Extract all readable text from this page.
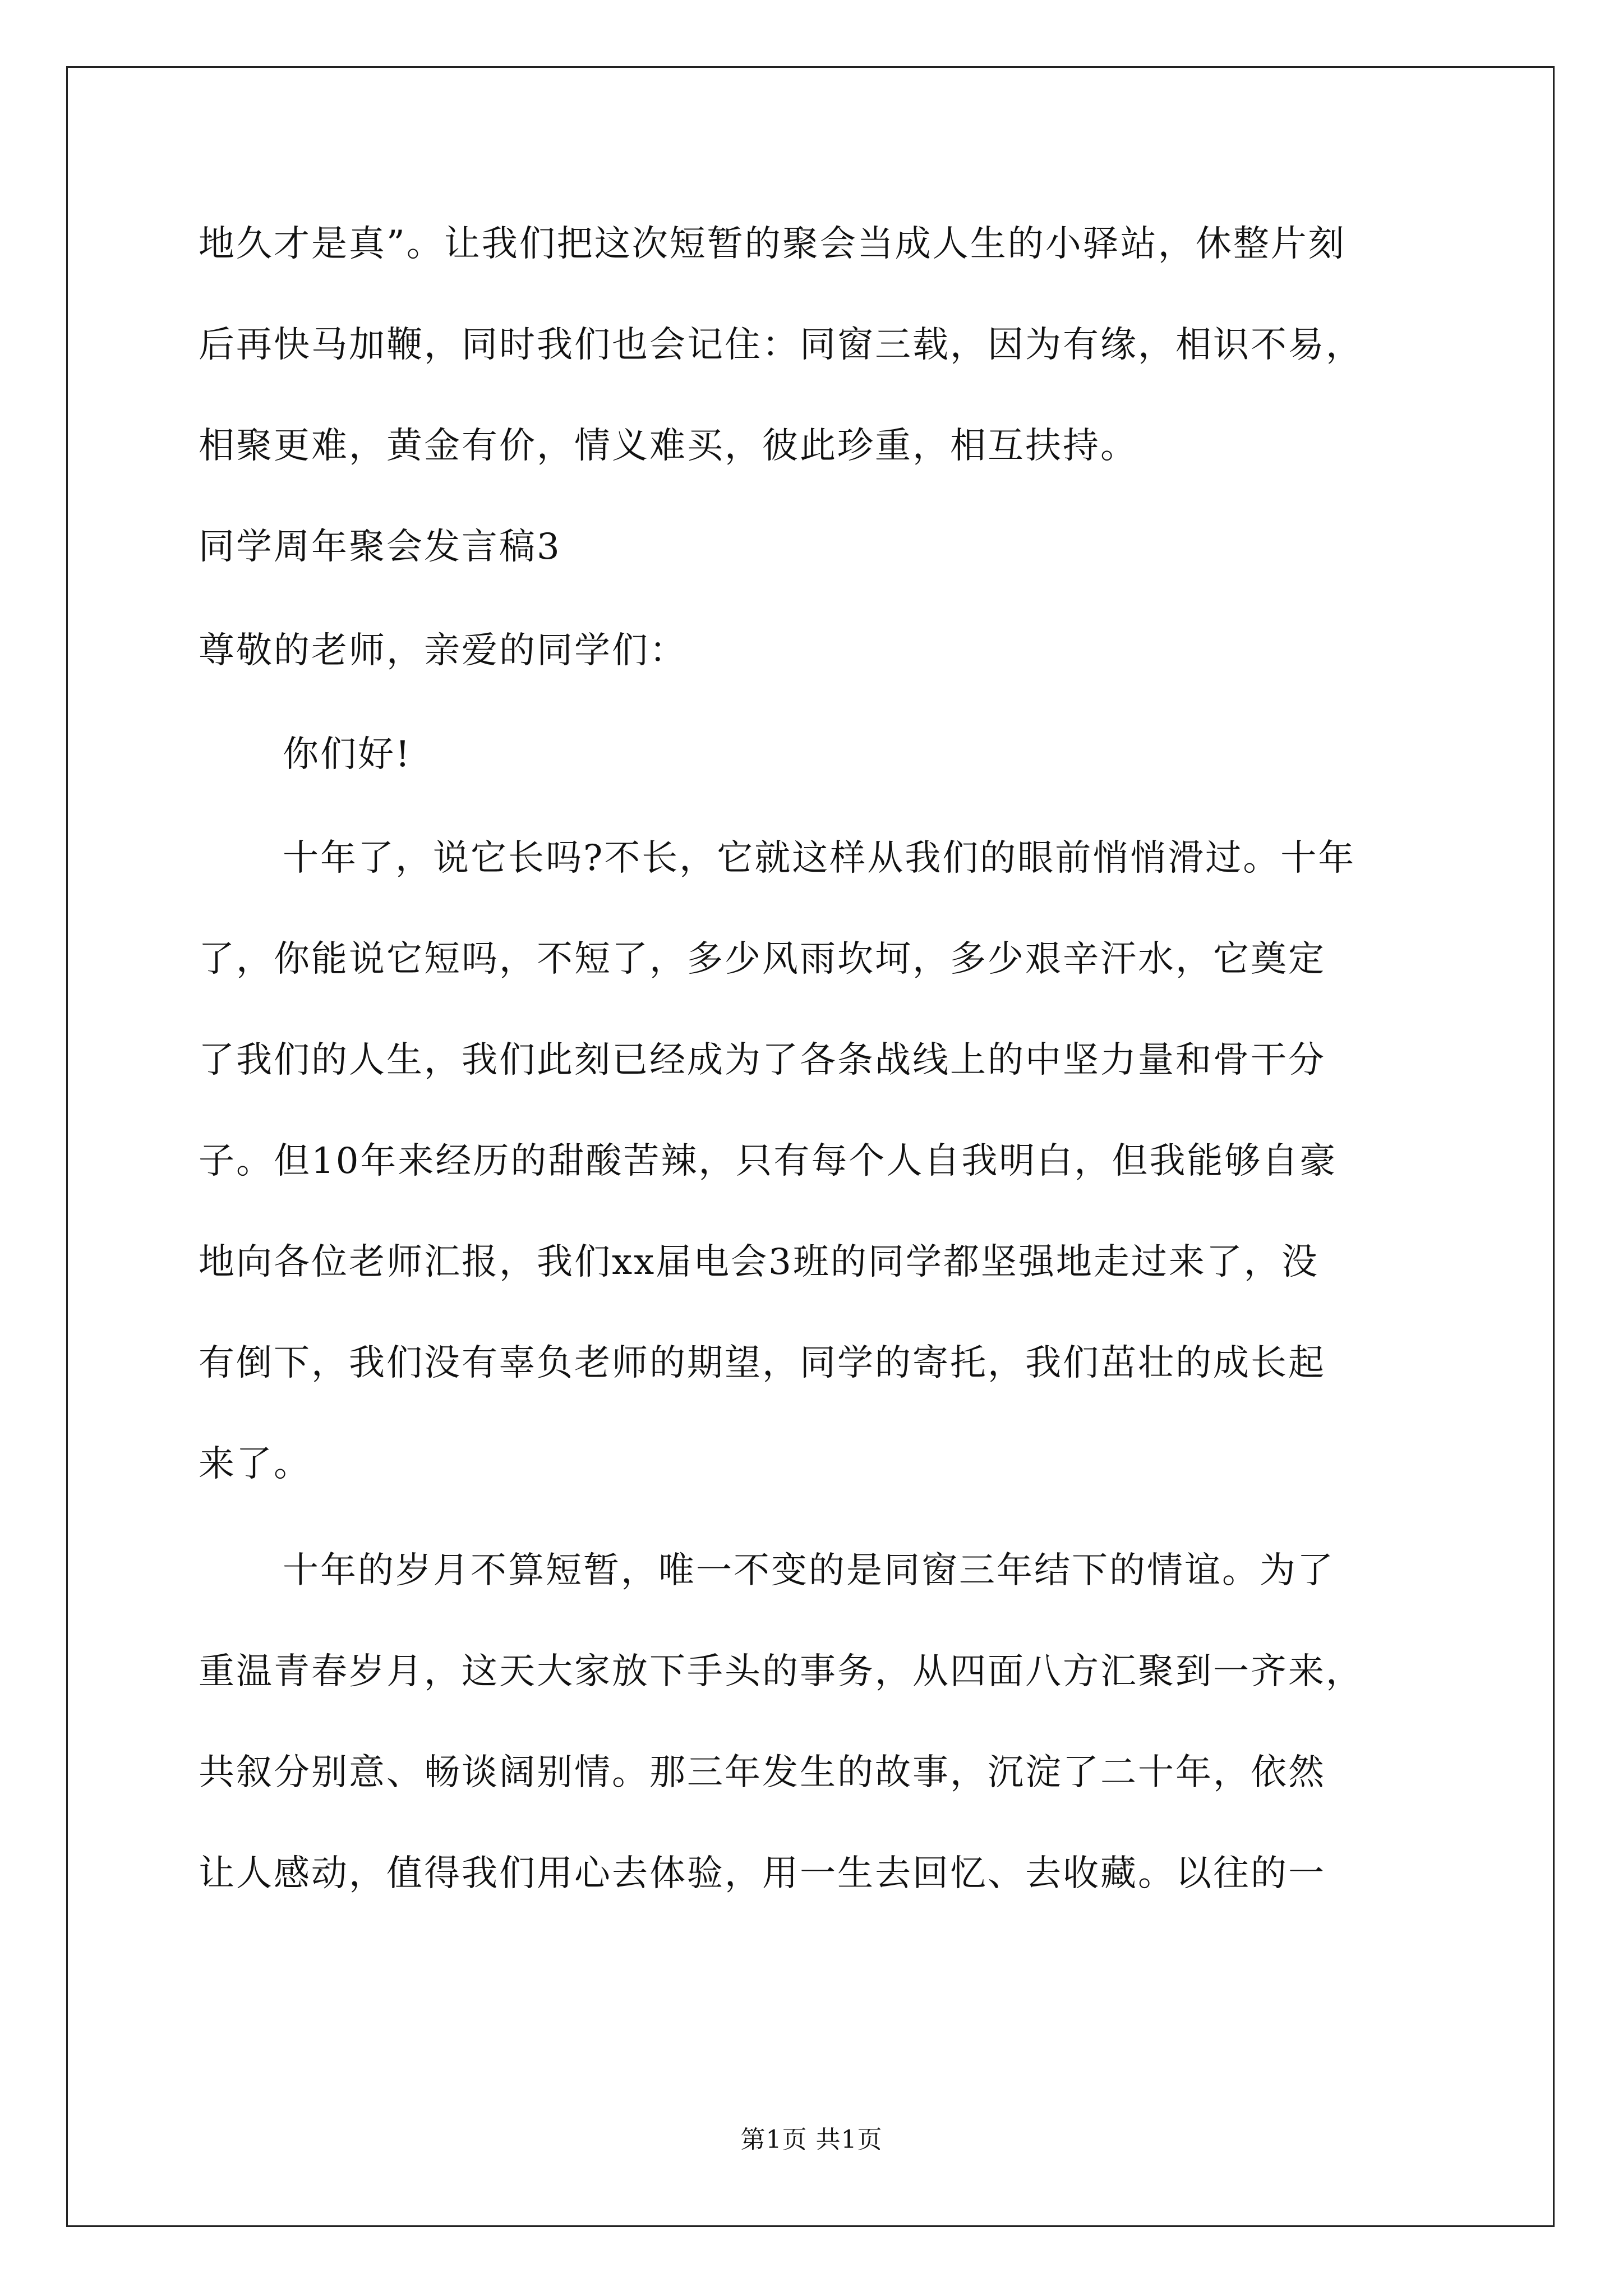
地久才是真”。让我们把这次短暂的聚会当成人生的小驿站，休整片刻
后再快马加鞭，同时我们也会记住：同窗三载，因为有缘，相识不易，
相聚更难，黄金有价，情义难买，彼此珍重，相互扶持。
同学周年聚会发言稿3
尊敬的老师，亲爱的同学们：
你们好!
十年了，说它长吗?不长，它就这样从我们的眼前悄悄滑过。十年
了，你能说它短吗，不短了，多少风雨坎坷，多少艰辛汗水，它奠定
了我们的人生，我们此刻已经成为了各条战线上的中坚力量和骨干分
子。但10年来经历的甜酸苦辣，只有每个人自我明白，但我能够自豪
地向各位老师汇报，我们xx届电会3班的同学都坚强地走过来了，没
有倒下，我们没有辜负老师的期望，同学的寄托，我们茁壮的成长起
来了。
十年的岁月不算短暂，唯一不变的是同窗三年结下的情谊。为了
重温青春岁月，这天大家放下手头的事务，从四面八方汇聚到一齐来，
共叙分别意、畅谈阔别情。那三年发生的故事，沉淀了二十年，依然
让人感动，值得我们用心去体验，用一生去回忆、去收藏。以往的一
第1页 共1页
